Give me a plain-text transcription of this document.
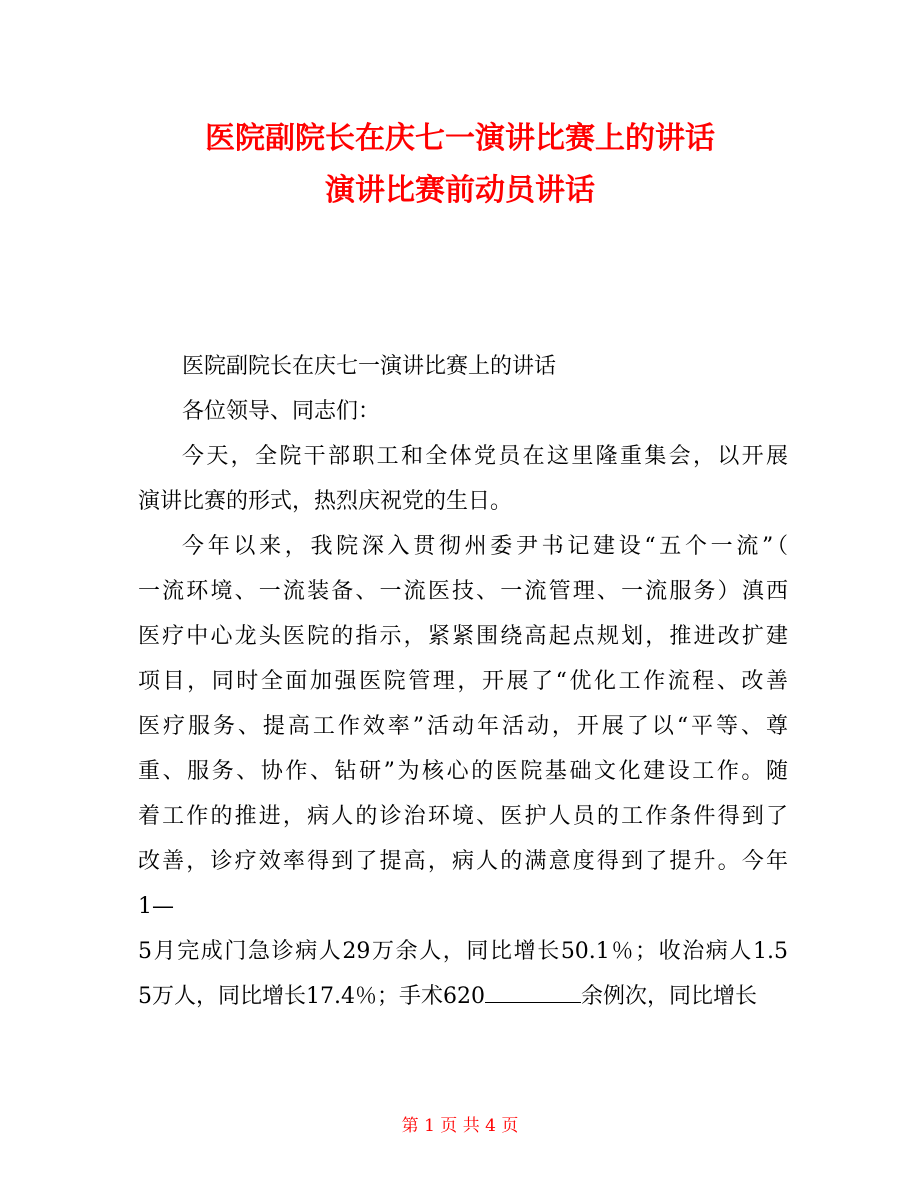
医院副院长在庆七一演讲比赛上的讲话
演讲比赛前动员讲话
医院副院长在庆七一演讲比赛上的讲话
各位领导、同志们：
今天，全院干部职工和全体党员在这里隆重集会，以开展
演讲比赛的形式，热烈庆祝党的生日。
今年以来，我院深入贯彻州委尹书记建设“五个一流”（
一流环境、一流装备、一流医技、一流管理、一流服务）滇西
医疗中心龙头医院的指示，紧紧围绕高起点规划，推进改扩建
项目，同时全面加强医院管理，开展了“优化工作流程、改善
医疗服务、提高工作效率”活动年活动，开展了以“平等、尊
重、服务、协作、钻研”为核心的医院基础文化建设工作。随
着工作的推进，病人的诊治环境、医护人员的工作条件得到了
改善，诊疗效率得到了提高，病人的满意度得到了提升。今年
1—
5月完成门急诊病人29万余人，同比增长50.1％；收治病人1.5
5万人，同比增长17.4％；手术620	余例次，同比增长
第 1 页 共 4 页
